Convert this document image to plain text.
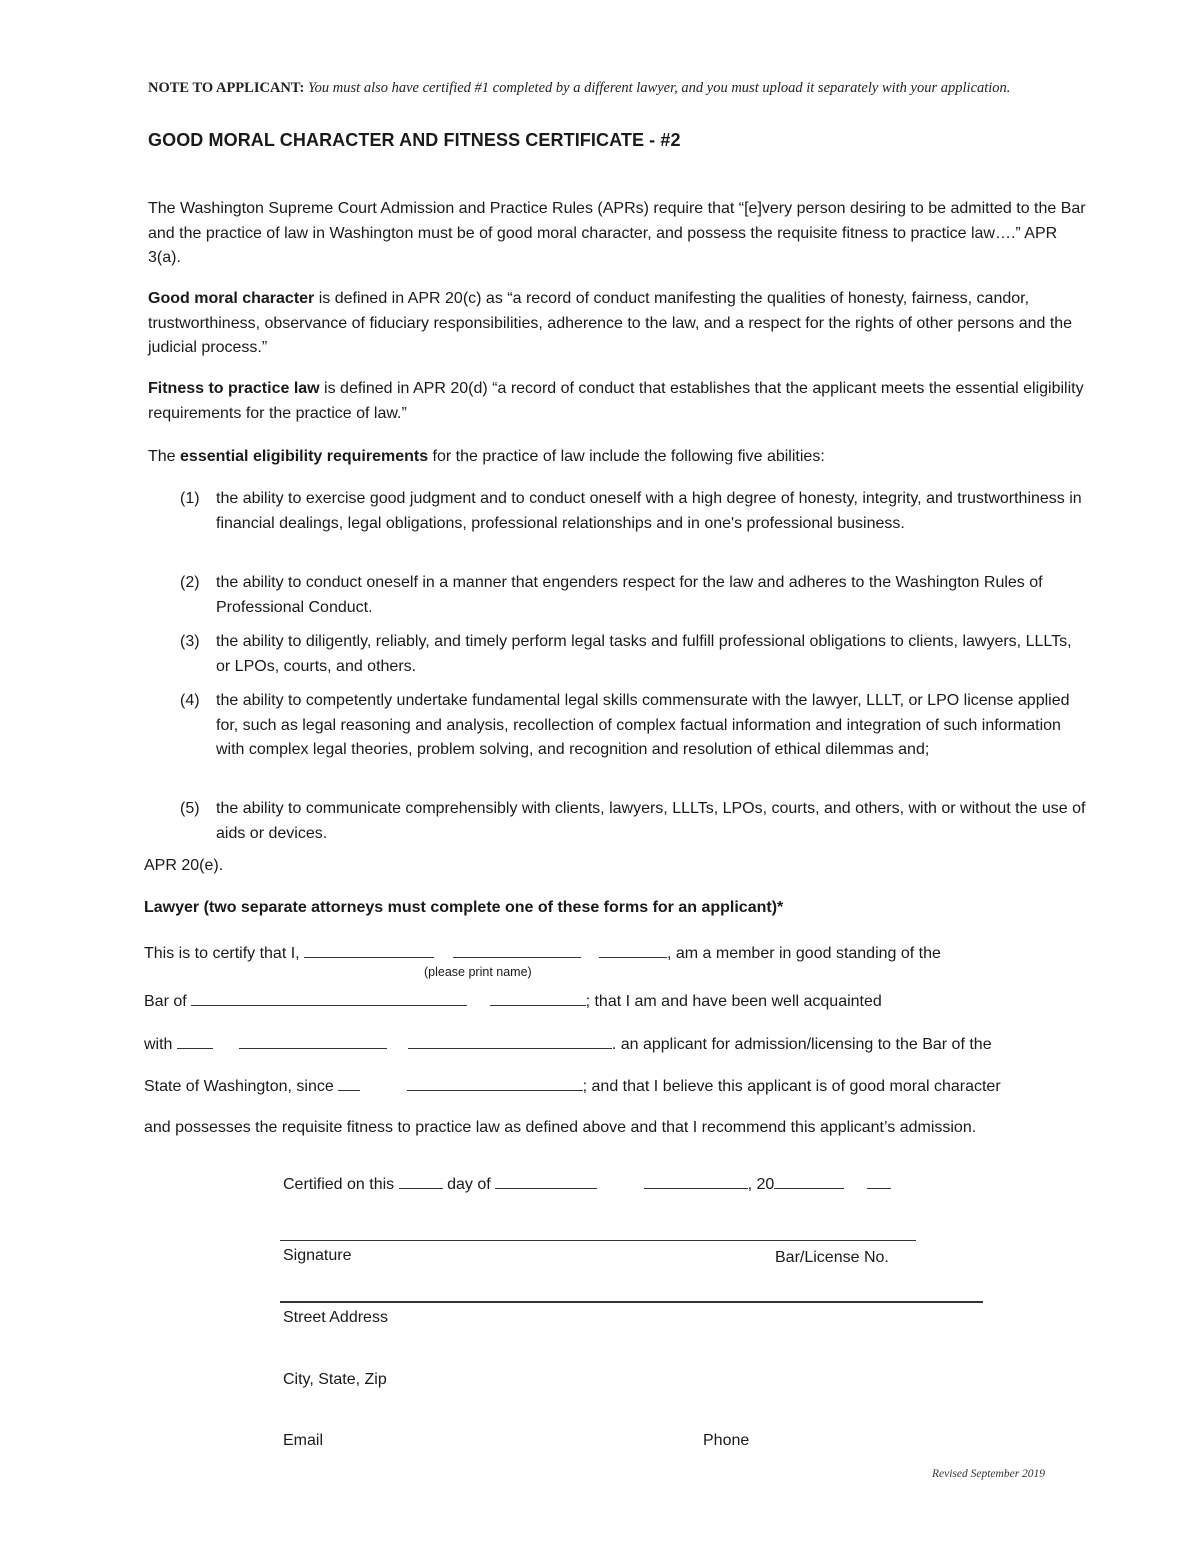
NOTE TO APPLICANT: You must also have certified #1 completed by a different lawyer, and you must upload it separately with your application.
GOOD MORAL CHARACTER AND FITNESS CERTIFICATE - #2
The Washington Supreme Court Admission and Practice Rules (APRs) require that “[e]very person desiring to be admitted to the Bar and the practice of law in Washington must be of good moral character, and possess the requisite fitness to practice law….” APR 3(a).
Good moral character is defined in APR 20(c) as “a record of conduct manifesting the qualities of honesty, fairness, candor, trustworthiness, observance of fiduciary responsibilities, adherence to the law, and a respect for the rights of other persons and the judicial process.”
Fitness to practice law is defined in APR 20(d) “a record of conduct that establishes that the applicant meets the essential eligibility requirements for the practice of law.”
The essential eligibility requirements for the practice of law include the following five abilities:
(1) the ability to exercise good judgment and to conduct oneself with a high degree of honesty, integrity, and trustworthiness in financial dealings, legal obligations, professional relationships and in one's professional business.
(2) the ability to conduct oneself in a manner that engenders respect for the law and adheres to the Washington Rules of Professional Conduct.
(3) the ability to diligently, reliably, and timely perform legal tasks and fulfill professional obligations to clients, lawyers, LLLTs, or LPOs, courts, and others.
(4) the ability to competently undertake fundamental legal skills commensurate with the lawyer, LLLT, or LPO license applied for, such as legal reasoning and analysis, recollection of complex factual information and integration of such information with complex legal theories, problem solving, and recognition and resolution of ethical dilemmas and;
(5) the ability to communicate comprehensibly with clients, lawyers, LLLTs, LPOs, courts, and others, with or without the use of aids or devices.
APR 20(e).
Lawyer (two separate attorneys must complete one of these forms for an applicant)*
This is to certify that I,	, am a member in good standing of the
(please print name)
Bar of	; that I am and have been well acquainted
with	. an applicant for admission/licensing to the Bar of the
State of Washington, since	; and that I believe this applicant is of good moral character
and possesses the requisite fitness to practice law as defined above and that I recommend this applicant’s admission.
Certified on this	day of	, 20
Signature	Bar/License No.
Street Address
City, State, Zip
Email	Phone
Revised September 2019
